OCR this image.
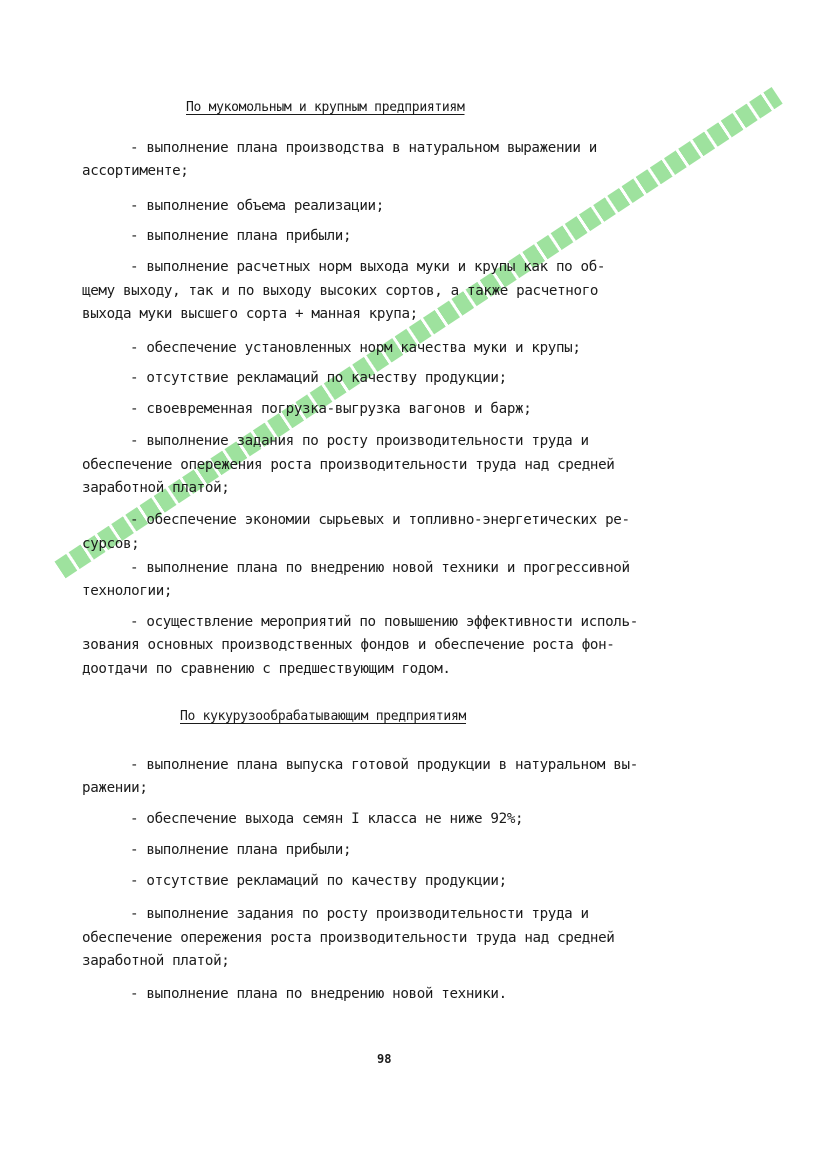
По мукомольным и крупным предприятиям
- выполнение плана производства в натуральном выражении и
ассортименте;
- выполнение объема реализации;
- выполнение плана прибыли;
- выполнение расчетных норм выхода муки и крупы как по об-
щему выходу, так и по выходу высоких сортов, а также расчетного
выхода муки высшего сорта + манная крупа;
- обеспечение установленных норм качества муки и крупы;
- отсутствие рекламаций по качеству продукции;
- своевременная погрузка-выгрузка вагонов и барж;
- выполнение задания по росту производительности труда и
обеспечение опережения роста производительности труда над средней
заработной платой;
- обеспечение экономии сырьевых и топливно-энергетических ре-
сурсов;
- выполнение плана по внедрению новой техники и прогрессивной
технологии;
- осуществление мероприятий по повышению эффективности исполь-
зования основных производственных фондов и обеспечение роста фон-
доотдачи по сравнению с предшествующим годом.
По кукурузообрабатывающим предприятиям
- выполнение плана выпуска готовой продукции в натуральном вы-
ражении;
- обеспечение выхода семян I класса не ниже 92%;
- выполнение плана прибыли;
- отсутствие рекламаций по качеству продукции;
- выполнение задания по росту производительности труда и
обеспечение опережения роста производительности труда над средней
заработной платой;
- выполнение плана по внедрению новой техники.
98
